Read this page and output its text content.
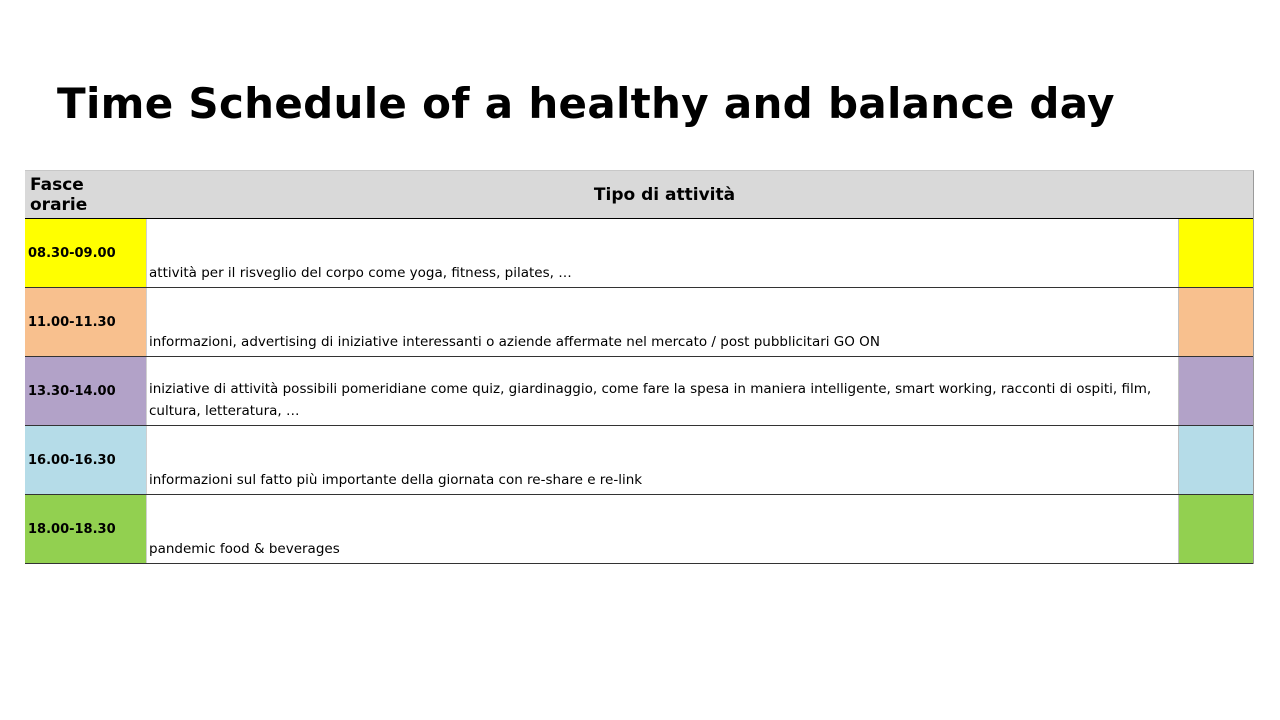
Time Schedule of a healthy and balance day
Fasce orarie	Tipo di attività
08.30-09.00
attività per il risveglio del corpo come yoga, fitness, pilates, …
11.00-11.30
informazioni, advertising di iniziative interessanti o aziende affermate nel mercato / post pubblicitari GO ON
13.30-14.00	iniziative di attività possibili pomeridiane come quiz, giardinaggio, come fare la spesa in maniera intelligente, smart working, racconti di ospiti, film, cultura, letteratura, …
16.00-16.30
informazioni sul fatto più importante della giornata con re-share e re-link
18.00-18.30
pandemic food & beverages
